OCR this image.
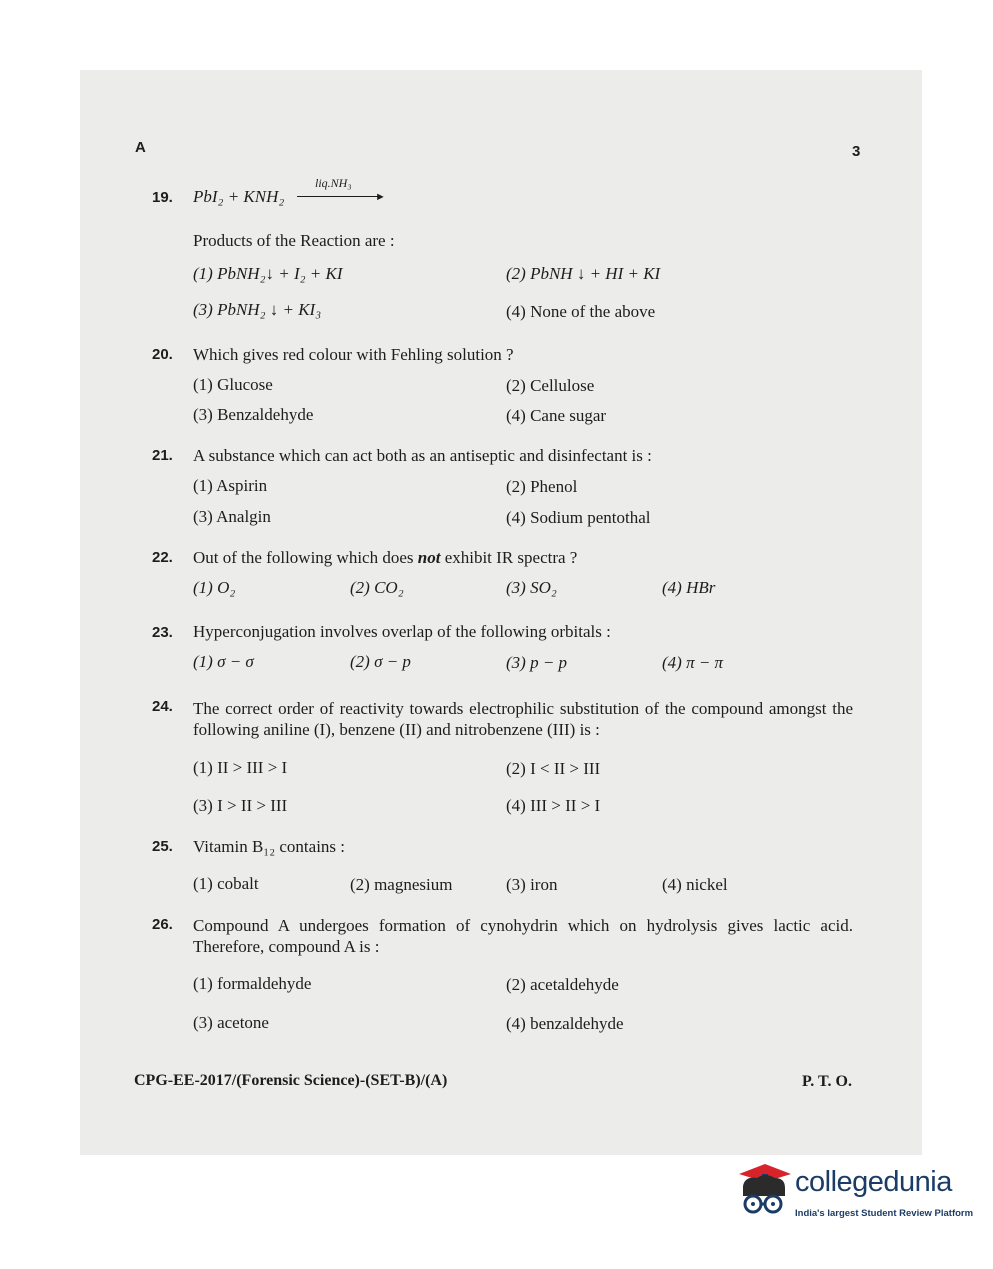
A	3
19. PbI₂ + KNH₂
liq.NH₃
►
Products of the Reaction are :
(1) PbNH₂↓ + I₂ + KI	(2) PbNH ↓ + HI + KI
(3) PbNH₂ ↓ + KI₃	(4) None of the above
20. Which gives red colour with Fehling solution ?
(1) Glucose	(2) Cellulose
(3) Benzaldehyde	(4) Cane sugar
21. A substance which can act both as an antiseptic and disinfectant is :
(1) Aspirin	(2) Phenol
(3) Analgin	(4) Sodium pentothal
22. Out of the following which does not exhibit IR spectra ?
(1) O₂	(2) CO₂	(3) SO₂	(4) HBr
23. Hyperconjugation involves overlap of the following orbitals :
(1) σ − σ	(2) σ − p	(3) p − p	(4) π − π
24. The correct order of reactivity towards electrophilic substitution of the compound amongst the following aniline (I), benzene (II) and nitrobenzene (III) is :
(1) II > III > I	(2) I < II > III
(3) I > II > III	(4) III > II > I
25. Vitamin B₁₂ contains :
(1) cobalt	(2) magnesium	(3) iron	(4) nickel
26. Compound A undergoes formation of cynohydrin which on hydrolysis gives lactic acid. Therefore, compound A is :
(1) formaldehyde	(2) acetaldehyde
(3) acetone	(4) benzaldehyde
CPG-EE-2017/(Forensic Science)-(SET-B)/(A)	P. T. O.
collegedunia
India's largest Student Review Platform
